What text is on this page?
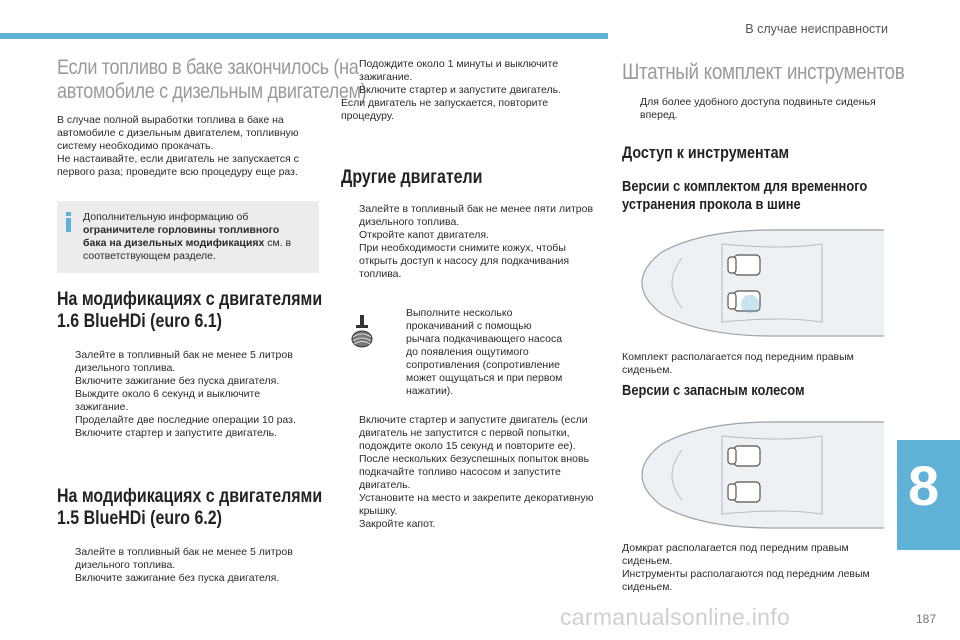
В случае неисправности
Если топливо в баке закончилось (на
автомобиле с дизельным двигателем)

В случае полной выработки топлива в баке на
автомобиле с дизельным двигателем, топливную
систему необходимо прокачать.
Не настаивайте, если двигатель не запускается с
первого раза; проведите всю процедуру еще раз.

Дополнительную информацию об
ограничителе горловины топливного
бака на дизельных модификациях см. в
соответствующем разделе.
На модификациях с двигателями
1.6 BlueHDi (euro 6.1)
Залейте в топливный бак не менее 5 литров
дизельного топлива.
Включите зажигание без пуска двигателя.
Выждите около 6 секунд и выключите
зажигание.
Проделайте две последние операции 10 раз.
Включите стартер и запустите двигатель.
На модификациях с двигателями
1.5 BlueHDi (euro 6.2)
Залейте в топливный бак не менее 5 литров
дизельного топлива.
Включите зажигание без пуска двигателя.
Подождите около 1 минуты и выключите
зажигание.
Включите стартер и запустите двигатель.

Если двигатель не запускается, повторите
процедуру.

Другие двигатели
Залейте в топливный бак не менее пяти литров
дизельного топлива.
Откройте капот двигателя.
При необходимости снимите кожух, чтобы
открыть доступ к насосу для подкачивания
топлива.
Выполните несколько
прокачиваний с помощью
рычага подкачивающего насоса
до появления ощутимого
сопротивления (сопротивление
может ощущаться и при первом
нажатии).
Включите стартер и запустите двигатель (если
двигатель не запустится с первой попытки,
подождите около 15 секунд и повторите ее).
После нескольких безуспешных попыток вновь
подкачайте топливо насосом и запустите
двигатель.
Установите на место и закрепите декоративную
крышку.
Закройте капот.
Штатный комплект инструментов
Для более удобного доступа подвиньте сиденья
вперед.
Доступ к инструментам
Версии с комплектом для временного
устранения прокола в шине

Комплект располагается под передним правым сиденьем.

Версии с запасным колесом

Домкрат располагается под передним правым
сиденьем.
Инструменты располагаются под передним левым
сиденьем.

8
carmanualsonline.info	187
